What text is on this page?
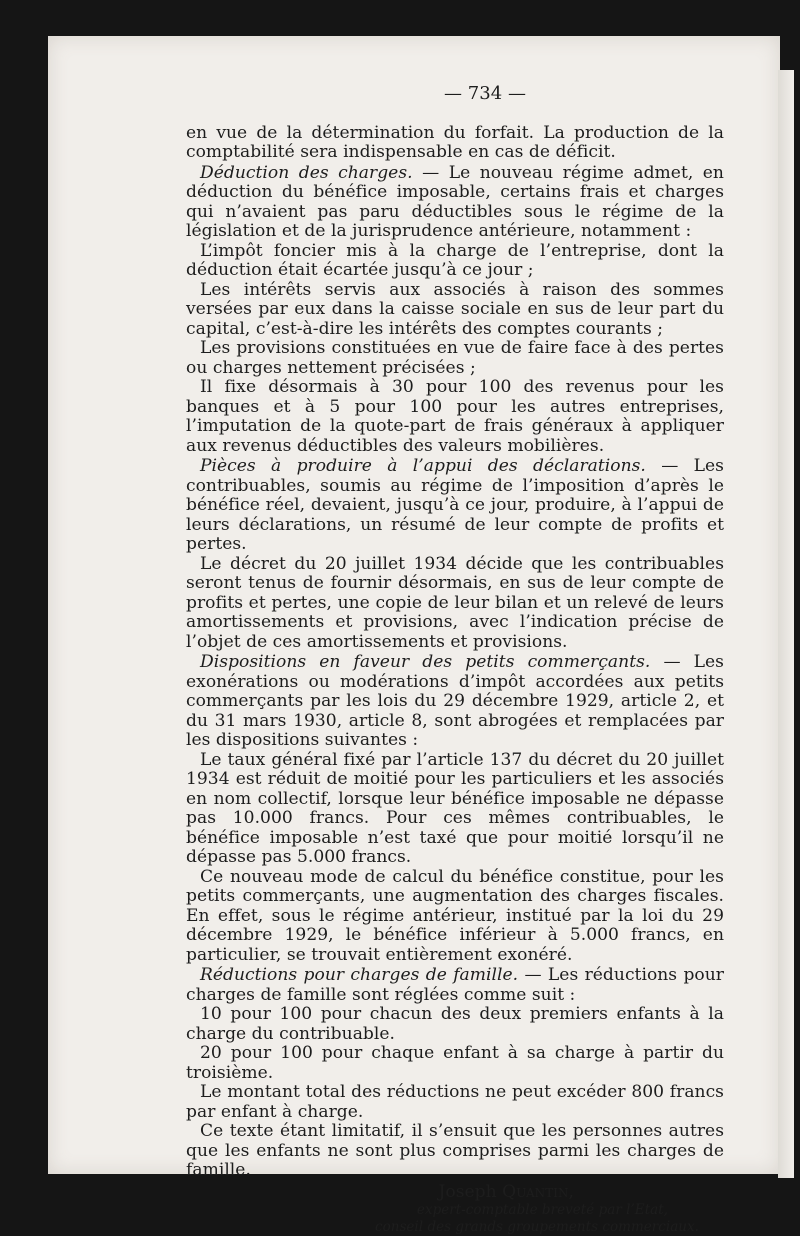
— 734 —

en vue de la détermination du forfait. La production de la comptabilité sera indispensable en cas de déficit.

Déduction des charges. — Le nouveau régime admet, en déduction du bénéfice imposable, certains frais et charges qui n’avaient pas paru déductibles sous le régime de la législation et de la jurisprudence antérieure, notamment :

L’impôt foncier mis à la charge de l’entreprise, dont la déduction était écartée jusqu’à ce jour ;

Les intérêts servis aux associés à raison des sommes versées par eux dans la caisse sociale en sus de leur part du capital, c’est-à-dire les intérêts des comptes courants ;

Les provisions constituées en vue de faire face à des pertes ou charges nettement précisées ;

Il fixe désormais à 30 pour 100 des revenus pour les banques et à 5 pour 100 pour les autres entreprises, l’imputation de la quote-part de frais généraux à appliquer aux revenus déductibles des valeurs mobilières.

Pièces à produire à l’appui des déclarations. — Les contribuables, soumis au régime de l’imposition d’après le bénéfice réel, devaient, jusqu’à ce jour, produire, à l’appui de leurs déclarations, un résumé de leur compte de profits et pertes.

Le décret du 20 juillet 1934 décide que les contribuables seront tenus de fournir désormais, en sus de leur compte de profits et pertes, une copie de leur bilan et un relevé de leurs amortissements et provisions, avec l’indication précise de l’objet de ces amortissements et provisions.

Dispositions en faveur des petits commerçants. — Les exonérations ou modérations d’impôt accordées aux petits commerçants par les lois du 29 décembre 1929, article 2, et du 31 mars 1930, article 8, sont abrogées et remplacées par les dispositions suivantes :

Le taux général fixé par l’article 137 du décret du 20 juillet 1934 est réduit de moitié pour les particuliers et les associés en nom collectif, lorsque leur bénéfice imposable ne dépasse pas 10.000 francs. Pour ces mêmes contribuables, le bénéfice imposable n’est taxé que pour moitié lorsqu’il ne dépasse pas 5.000 francs.

Ce nouveau mode de calcul du bénéfice constitue, pour les petits commerçants, une augmentation des charges fiscales. En effet, sous le régime antérieur, institué par la loi du 29 décembre 1929, le bénéfice inférieur à 5.000 francs, en particulier, se trouvait entièrement exonéré.

Réductions pour charges de famille. — Les réductions pour charges de famille sont réglées comme suit :

10 pour 100 pour chacun des deux premiers enfants à la charge du contribuable.

20 pour 100 pour chaque enfant à sa charge à partir du troisième.

Le montant total des réductions ne peut excéder 800 francs par enfant à charge.

Ce texte étant limitatif, il s’ensuit que les personnes autres que les enfants ne sont plus comprises parmi les charges de famille.

Joseph Quantin,
expert-comptable breveté par l’Etat,
conseil des grands groupements commerciaux.
